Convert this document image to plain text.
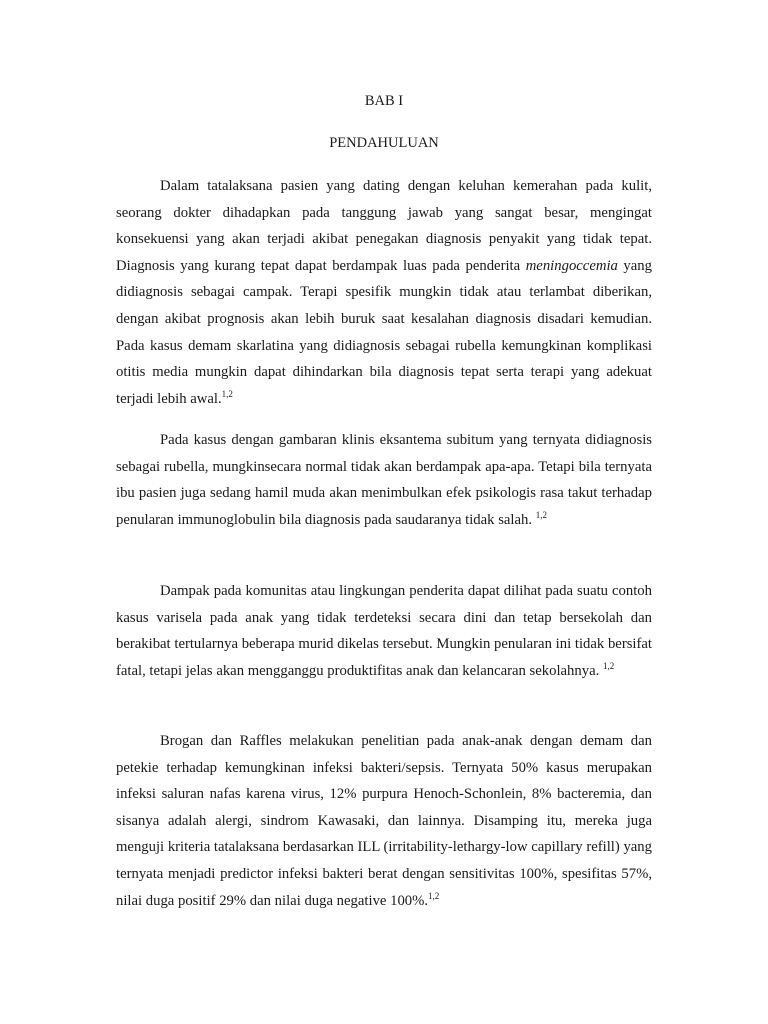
BAB I
PENDAHULUAN

Dalam tatalaksana pasien yang dating dengan keluhan kemerahan pada kulit, seorang dokter dihadapkan pada tanggung jawab yang sangat besar, mengingat konsekuensi yang akan terjadi akibat penegakan diagnosis penyakit yang tidak tepat. Diagnosis yang kurang tepat dapat berdampak luas pada penderita meningoccemia yang didiagnosis sebagai campak. Terapi spesifik mungkin tidak atau terlambat diberikan, dengan akibat prognosis akan lebih buruk saat kesalahan diagnosis disadari kemudian. Pada kasus demam skarlatina yang didiagnosis sebagai rubella kemungkinan komplikasi otitis media mungkin dapat dihindarkan bila diagnosis tepat serta terapi yang adekuat terjadi lebih awal.$^{1,2}$

Pada kasus dengan gambaran klinis eksantema subitum yang ternyata didiagnosis sebagai rubella, mungkinsecara normal tidak akan berdampak apa-apa. Tetapi bila ternyata ibu pasien juga sedang hamil muda akan menimbulkan efek psikologis rasa takut terhadap penularan immunoglobulin bila diagnosis pada saudaranya tidak salah. $^{1,2}$

Dampak pada komunitas atau lingkungan penderita dapat dilihat pada suatu contoh kasus varisela pada anak yang tidak terdeteksi secara dini dan tetap bersekolah dan berakibat tertularnya beberapa murid dikelas tersebut. Mungkin penularan ini tidak bersifat fatal, tetapi jelas akan mengganggu produktifitas anak dan kelancaran sekolahnya. $^{1,2}$

Brogan dan Raffles melakukan penelitian pada anak-anak dengan demam dan petekie terhadap kemungkinan infeksi bakteri/sepsis. Ternyata 50% kasus merupakan infeksi saluran nafas karena virus, 12% purpura Henoch-Schonlein, 8% bacteremia, dan sisanya adalah alergi, sindrom Kawasaki, dan lainnya. Disamping itu, mereka juga menguji kriteria tatalaksana berdasarkan ILL (irritability-lethargy-low capillary refill) yang ternyata menjadi predictor infeksi bakteri berat dengan sensitivitas 100%, spesifitas 57%, nilai duga positif 29% dan nilai duga negative 100%.$^{1,2}$
